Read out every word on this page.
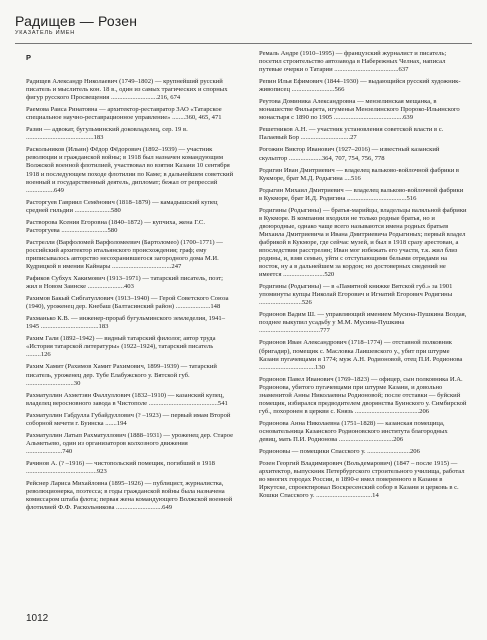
Радищев — Розен
УКАЗАТЕЛЬ ИМЕН
Р
Радищев Александр Николаевич (1749–1802) — крупнейший русский писатель и мыслитель кон. 18 в., один из самых трагических и спорных фигур русского Просвещения ............................216, 674
Раемова Раиса Ринатовна — архитектор-реставратор ЗАО «Татарское специальное научно-реставрационное управление» ........360, 465, 471
Разин — адвокат, бугульминский доковладелец, сер. 19 в. .........................................183
Раскольников (Ильин) Фёдор Фёдорович (1892–1939) — участник революции и гражданской войны; в 1918 был назначен командующим Волжской военной флотилией, участвовал во взятии Казани 10 сентября 1918 и последующем походе флотилии по Каме; в дальнейшем советский военный и государственный деятель, дипломат; бежал от репрессий .................649
Расторгуев Гавриил Семёнович (1818–1879) — камадышский купец средней гильдии ......................580
Растворова Ксения Егоровна (1840–1872) — купчиха, жена Г.С. Расторгуева ............................580
Растрелли (Варфоломей Варфоломеевич (Бартоломео) (1700–1771) — российский архитектор итальянского происхождения; граф; ему приписывалось авторство несохранившегося загородного дома М.И. Кудрицкой в имении Кайнары ....................................247
Рафиков Субхух Хакимович (1913–1971) — татарский писатель, поэт; жил в Новом Заинске ......................403
Рахимов Бакый Сибгатуллович (1913–1940) — Герой Советского Союза (1940), уроженец дер. Кнебаш (Балтасинский район) .....................148
Рахманько К.В. — инженер-прораб бугульминского земледелия, 1941–1945 ...................................183
Рахим Гали (1892–1942) — видный татарский филолог, автор труда «История татарской литературы» (1922–1924), татарский писатель .........126
Рахим Хамит (Рахимов Хамит Рахимович, 1899–1939) — татарский писатель, уроженец дер. Тубе Елабужского у. Вятской губ. .............................30
Рахматуллин Ахметзян Фаллуллович (1832–1910) — казанский купец, владелец веросновного завода в Чистополе ..........................................541
Рахматуллин Габдулла Губайдуллович (? –1923) — первый имам Второй соборной мечети г. Буинска .......194
Рахматуллин Латып Рахматуллович (1888–1931) — уроженец дер. Старое Альметьево, один из организаторов колхозного движения ......................740
Рачинов А. (? –1916) — чистопольский помещик, погибший в 1918 ...........................................923
Рейснер Лариса Михайловна (1895–1926) — публицист, журналистка, революционерка, поэтесса; в годы гражданской войны была назначена комиссаром штаба флота; первая жена командующего Волжской военной флотилией Ф.Ф. Раскольникова ............................649
Ремаль Андре (1910–1995) — французский журналист и писатель; посетил строительство автозавода в Набережных Челнах, написал путевые очерки о Татарии .......................................637
Репин Илья Ефимович (1844–1930) — выдающийся русский художник-живописец ..........................566
Реутова Доминика Александровна — мензелинская мещанка, в монашестве Фильарета, игуменья Мензелинского Пророко-Ильинского монастыря с 1890 по 1905 ..........................................639
Решетников А.Н. — участник установления советской власти в с. Палаевый Бор ..............................27
Рогожин Виктор Иванович (1927–2016) — известный казанский скульптор ....................364, 707, 754, 756, 778
Родигин Иван Дмитриевич — владелец вальково-войлочной фабрики в Кукморе, брат М.Д. Родыгина ....516
Родыгин Михаил Дмитриевич — владелец вальково-войлочной фабрики в Кукморе, брат И.Д. Родигина ....................................516
Родигины (Родыгины) — братья-марийцы, владельцы валяльной фабрики в Кукморе. В компании входили не только родные братья, но и двоюродные, однако чаще всего называются имена родных братьев Михаила Дмитриевича и Ивана Дмитриевича Родыгиных; первый владел фабрикой в Кукморе, где сейчас музей, и был в 1918 сразу арестован, а впоследствии расстрелян; Иван мог избежать его участи, т.к. жил близ родины, и, взяв семью, уйти с отступающими белыми отрядами на восток, ну а в дальнейшем за кордон; но достоверных сведений не имеется .........................520
Родигины (Родыгины) — в «Памятной книжке Вятской губ.» за 1901 упоминуты купцы Николай Егорович и Игнатий Егорович Родигины ..........................526
Родионов Вадим Ш. — управляющий имением Мусина-Пушкина Воздая, позднее выкупил усадьбу у М.М. Мусина-Пушкина .....................................777
Родионов Иван Александрович (1718–1774) — отставной полковник (бригадир), помещик с. Масловка Лаишевского у., убит при штурме Казани пугачевцами в 1774; муж А.Н. Родионовой, отец П.И. Родионова ..................................130
Родионов Павел Иванович (1769–1823) — офицер, сын полковника И.А. Родионова, убитого пугачевцами при штурме Казани, и довольно знаменитой Анны Николаевны Родионовой; после отставки — буйский помещик, избирался предводителем дворянства Буинского у. Симбирской губ., похоронен в церкви с. Князь .......................................206
Родионова Анна Николаевна (1751–1828) — казанская помещица, основательница Казанского Родионовского института благородных девиц, мать П.И. Родионова .................................206
Родионовы — помещики Спасского у. ..........................206
Розен Георгий Владимирович (Вольдемарович) (1847 – после 1915) — архитектор, выпускник Петербургского строительного училища, работал во многих городах России, в 1890-е имел поверенного в Казани в Иркутске, спроектировал Воскресенский собор в Казани и церковь в с. Кошки Спасского у. ..................................14
1012
